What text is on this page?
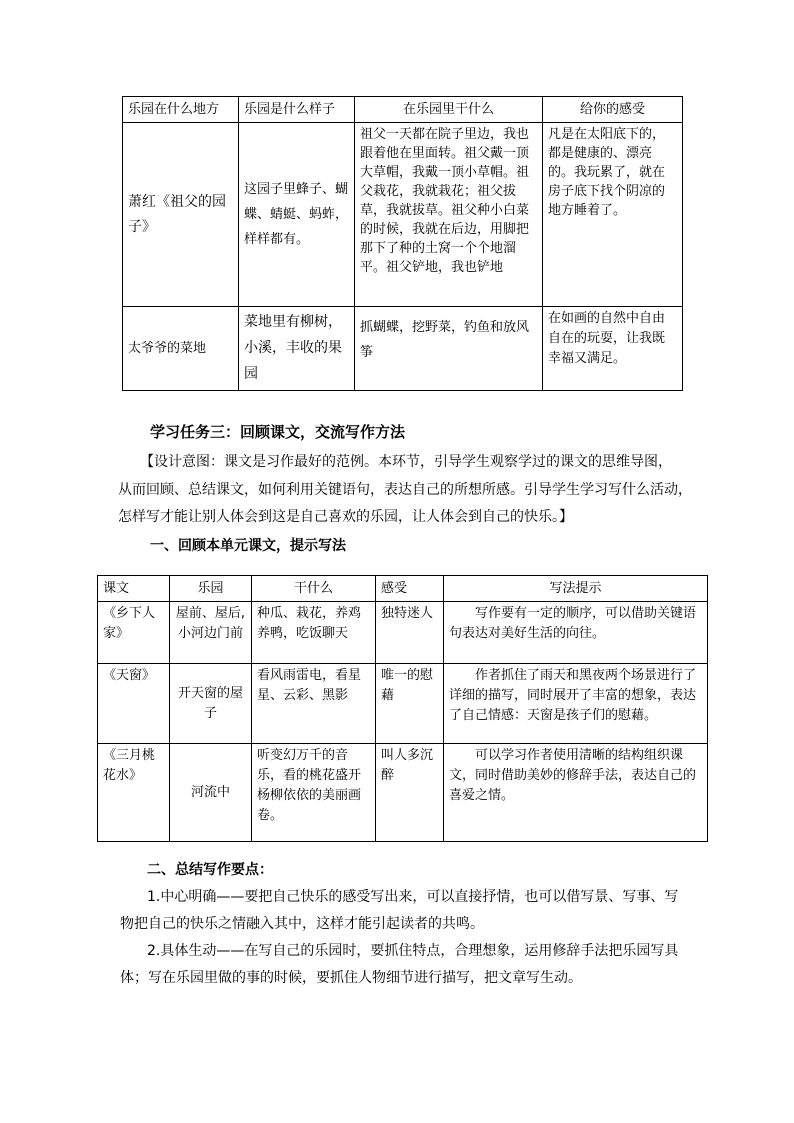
乐园在什么地方	乐园是什么样子	在乐园里干什么	给你的感受
萧红《祖父的园子》	这园子里蜂子、蝴蝶、蜻蜓、蚂蚱，样样都有。	祖父一天都在院子里边，我也跟着他在里面转。祖父戴一顶大草帽，我戴一顶小草帽。祖父栽花，我就栽花；祖父拔草，我就拔草。祖父种小白菜的时候，我就在后边，用脚把那下了种的土窝一个个地溜平。祖父铲地，我也铲地	凡是在太阳底下的，都是健康的、漂亮的。我玩累了，就在房子底下找个阴凉的地方睡着了。
太爷爷的菜地	菜地里有柳树，小溪，丰收的果园	抓蝴蝶，挖野菜，钓鱼和放风筝	在如画的自然中自由自在的玩耍，让我既幸福又满足。
学习任务三：回顾课文，交流写作方法
【设计意图：课文是习作最好的范例。本环节，引导学生观察学过的课文的思维导图，
从而回顾、总结课文，如何利用关键语句，表达自己的所想所感。引导学生学习写什么活动，
怎样写才能让别人体会到这是自己喜欢的乐园，让人体会到自己的快乐。】
一、回顾本单元课文，提示写法
课文	乐园	干什么	感受	写法提示
《乡下人家》	屋前、屋后,小河边门前	种瓜、栽花，养鸡养鸭，吃饭聊天	独特迷人	写作要有一定的顺序，可以借助关键语句表达对美好生活的向往。
《天窗》	开天窗的屋子	看风雨雷电，看星星、云彩、黑影	唯一的慰藉	作者抓住了雨天和黑夜两个场景进行了详细的描写，同时展开了丰富的想象，表达了自己情感：天窗是孩子们的慰藉。
《三月桃花水》	河流中	听变幻万千的音乐，看的桃花盛开杨柳依依的美丽画卷。	叫人多沉醉	可以学习作者使用清晰的结构组织课文，同时借助美妙的修辞手法，表达自己的喜爱之情。
二、总结写作要点：
1.中心明确——要把自己快乐的感受写出来，可以直接抒情，也可以借写景、写事、写
物把自己的快乐之情融入其中，这样才能引起读者的共鸣。
2.具体生动——在写自己的乐园时，要抓住特点，合理想象，运用修辞手法把乐园写具
体；写在乐园里做的事的时候，要抓住人物细节进行描写，把文章写生动。
